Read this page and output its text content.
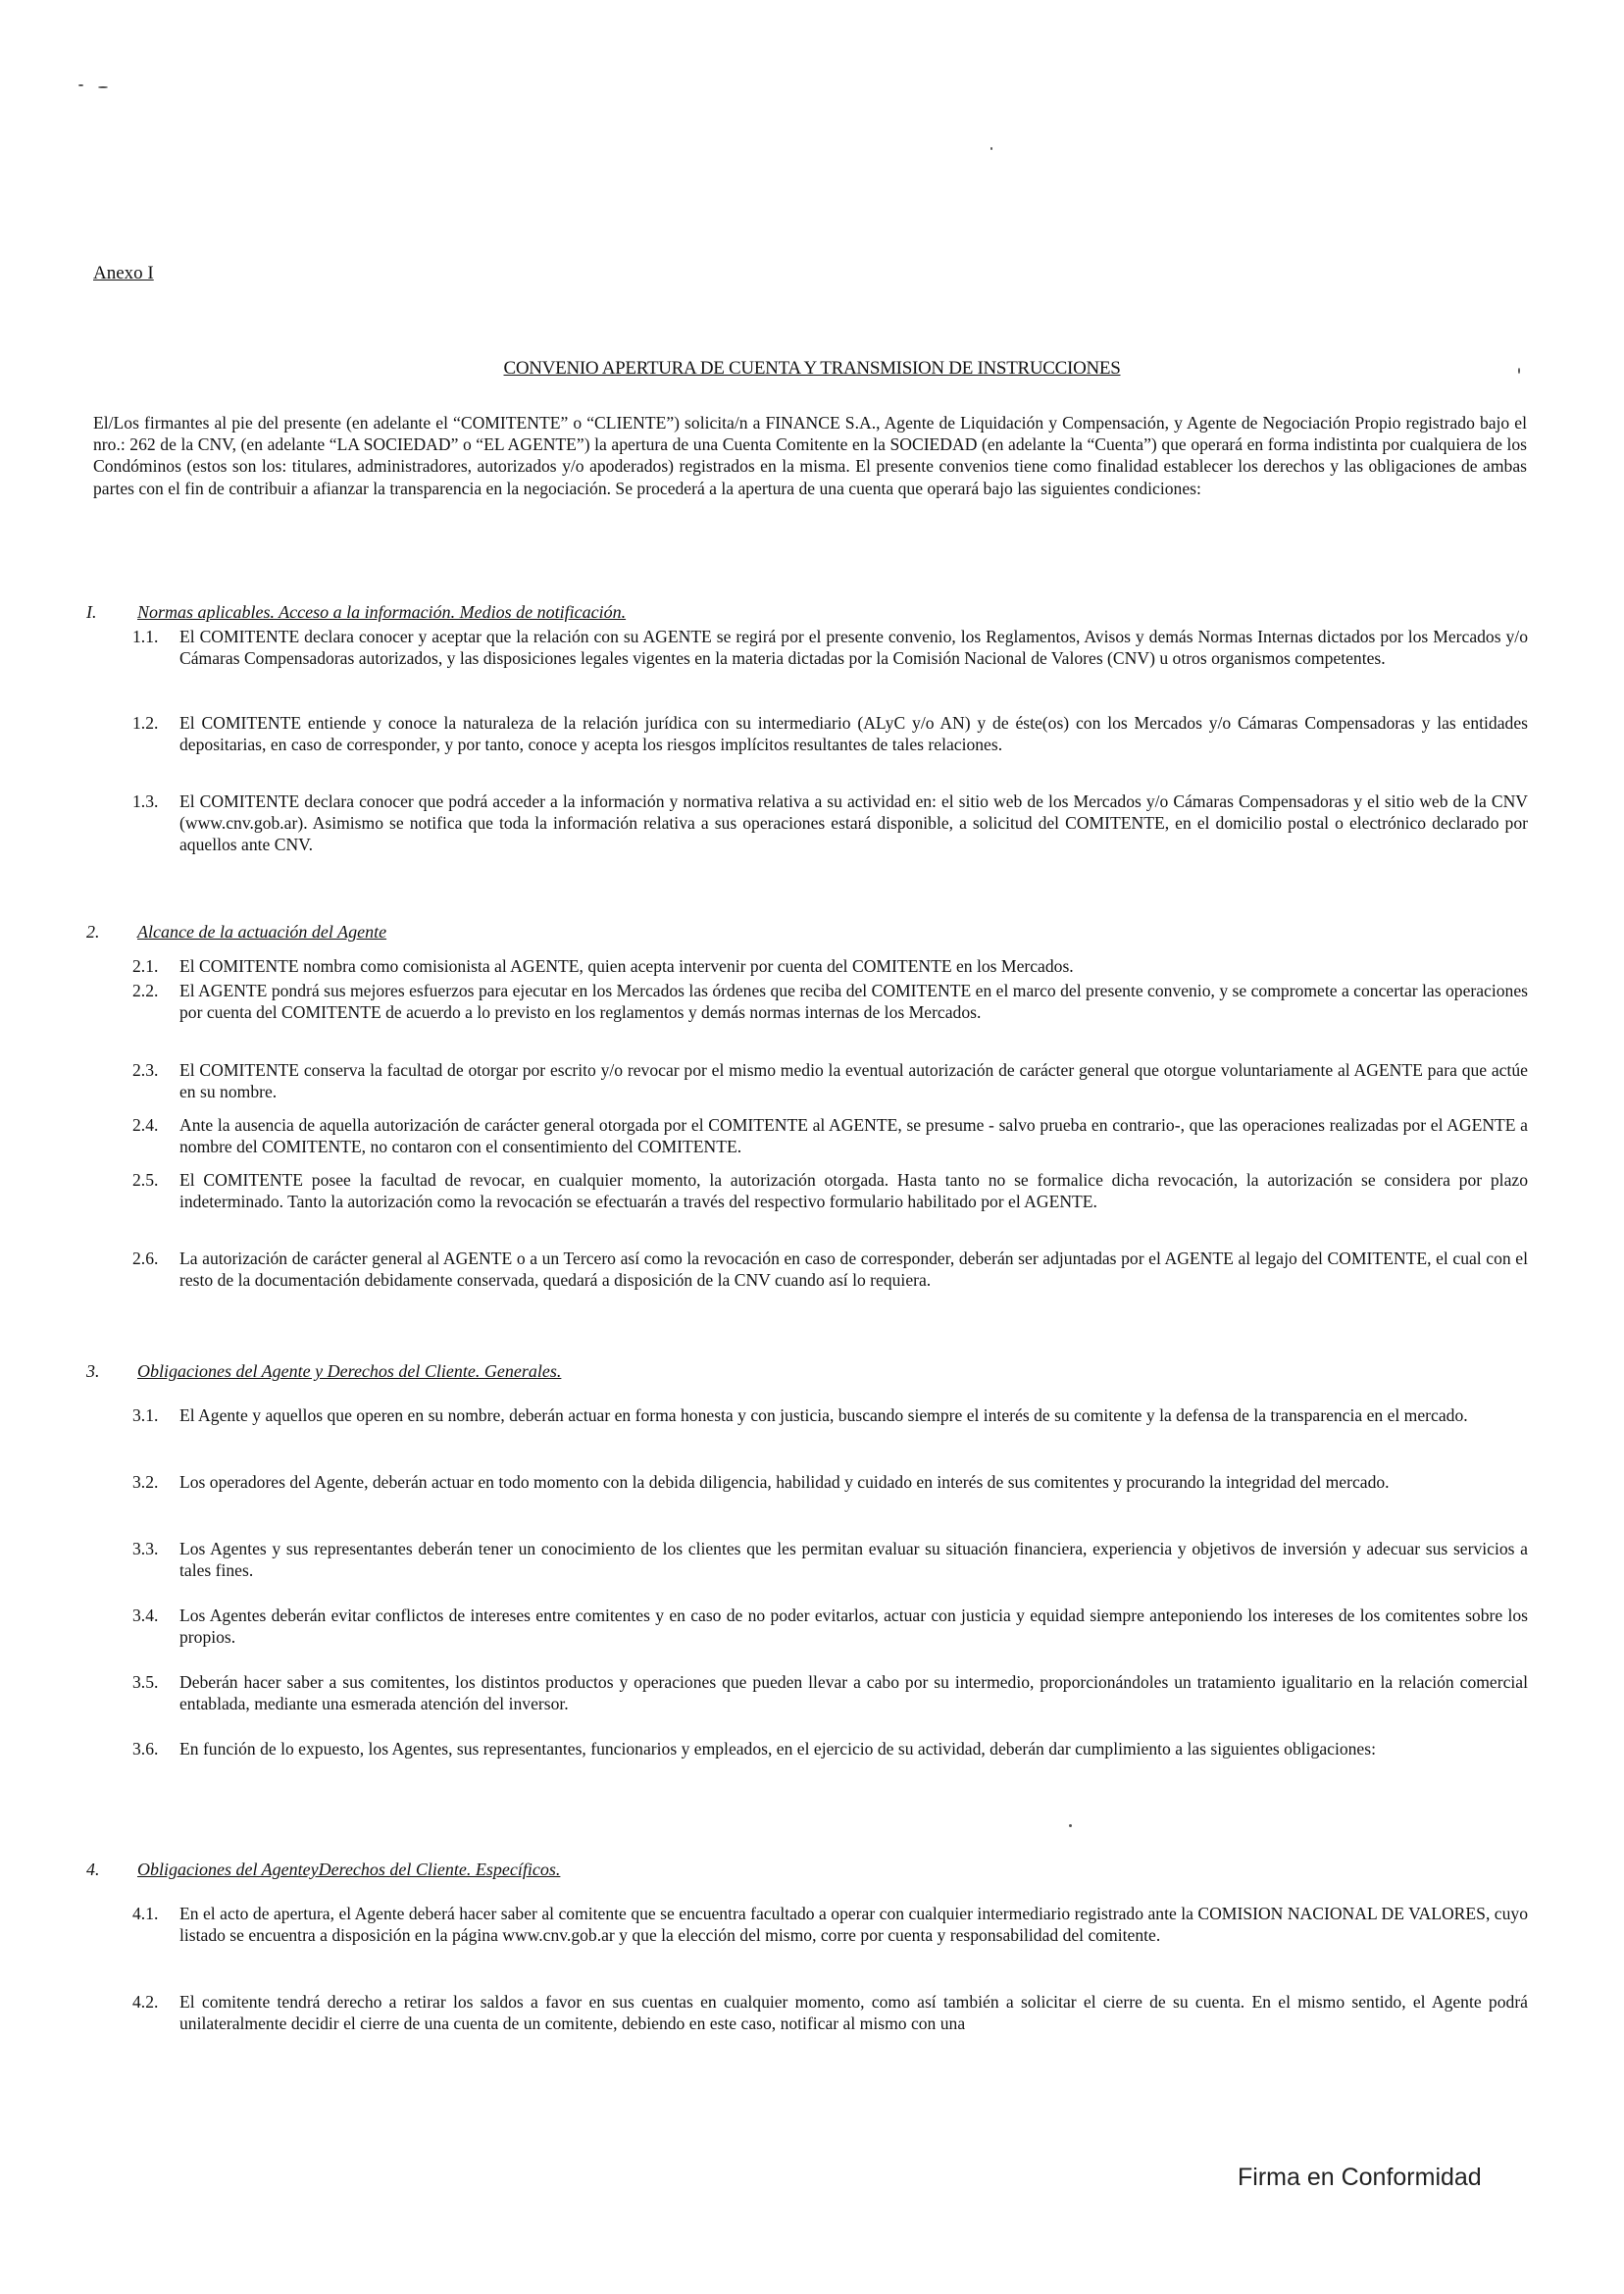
Anexo I
CONVENIO APERTURA DE CUENTA Y TRANSMISION DE INSTRUCCIONES
El/Los firmantes al pie del presente (en adelante el “COMITENTE” o “CLIENTE”) solicita/n a FINANCE S.A., Agente de Liquidación y Compensación, y Agente de Negociación Propio registrado bajo el nro.: 262 de la CNV, (en adelante “LA SOCIEDAD” o “EL AGENTE”) la apertura de una Cuenta Comitente en la SOCIEDAD (en adelante la “Cuenta”) que operará en forma indistinta por cualquiera de los Condóminos (estos son los: titulares, administradores, autorizados y/o apoderados) registrados en la misma. El presente convenios tiene como finalidad establecer los derechos y las obligaciones de ambas partes con el fin de contribuir a afianzar la transparencia en la negociación. Se procederá a la apertura de una cuenta que operará bajo las siguientes condiciones:
I. Normas aplicables. Acceso a la información. Medios de notificación.
1.1. El COMITENTE declara conocer y aceptar que la relación con su AGENTE se regirá por el presente convenio, los Reglamentos, Avisos y demás Normas Internas dictados por los Mercados y/o Cámaras Compensadoras autorizados, y las disposiciones legales vigentes en la materia dictadas por la Comisión Nacional de Valores (CNV) u otros organismos competentes.
1.2. El COMITENTE entiende y conoce la naturaleza de la relación jurídica con su intermediario (ALyC y/o AN) y de éste(os) con los Mercados y/o Cámaras Compensadoras y las entidades depositarias, en caso de corresponder, y por tanto, conoce y acepta los riesgos implícitos resultantes de tales relaciones.
1.3. El COMITENTE declara conocer que podrá acceder a la información y normativa relativa a su actividad en: el sitio web de los Mercados y/o Cámaras Compensadoras y el sitio web de la CNV (www.cnv.gob.ar). Asimismo se notifica que toda la información relativa a sus operaciones estará disponible, a solicitud del COMITENTE, en el domicilio postal o electrónico declarado por aquellos ante CNV.
2. Alcance de la actuación del Agente
2.1. El COMITENTE nombra como comisionista al AGENTE, quien acepta intervenir por cuenta del COMITENTE en los Mercados.
2.2. El AGENTE pondrá sus mejores esfuerzos para ejecutar en los Mercados las órdenes que reciba del COMITENTE en el marco del presente convenio, y se compromete a concertar las operaciones por cuenta del COMITENTE de acuerdo a lo previsto en los reglamentos y demás normas internas de los Mercados.
2.3. El COMITENTE conserva la facultad de otorgar por escrito y/o revocar por el mismo medio la eventual autorización de carácter general que otorgue voluntariamente al AGENTE para que actúe en su nombre.
2.4. Ante la ausencia de aquella autorización de carácter general otorgada por el COMITENTE al AGENTE, se presume - salvo prueba en contrario-, que las operaciones realizadas por el AGENTE a nombre del COMITENTE, no contaron con el consentimiento del COMITENTE.
2.5. El COMITENTE posee la facultad de revocar, en cualquier momento, la autorización otorgada. Hasta tanto no se formalice dicha revocación, la autorización se considera por plazo indeterminado. Tanto la autorización como la revocación se efectuarán a través del respectivo formulario habilitado por el AGENTE.
2.6. La autorización de carácter general al AGENTE o a un Tercero así como la revocación en caso de corresponder, deberán ser adjuntadas por el AGENTE al legajo del COMITENTE, el cual con el resto de la documentación debidamente conservada, quedará a disposición de la CNV cuando así lo requiera.
3. Obligaciones del Agente y Derechos del Cliente. Generales.
3.1. El Agente y aquellos que operen en su nombre, deberán actuar en forma honesta y con justicia, buscando siempre el interés de su comitente y la defensa de la transparencia en el mercado.
3.2. Los operadores del Agente, deberán actuar en todo momento con la debida diligencia, habilidad y cuidado en interés de sus comitentes y procurando la integridad del mercado.
3.3. Los Agentes y sus representantes deberán tener un conocimiento de los clientes que les permitan evaluar su situación financiera, experiencia y objetivos de inversión y adecuar sus servicios a tales fines.
3.4. Los Agentes deberán evitar conflictos de intereses entre comitentes y en caso de no poder evitarlos, actuar con justicia y equidad siempre anteponiendo los intereses de los comitentes sobre los propios.
3.5. Deberán hacer saber a sus comitentes, los distintos productos y operaciones que pueden llevar a cabo por su intermedio, proporcionándoles un tratamiento igualitario en la relación comercial entablada, mediante una esmerada atención del inversor.
3.6. En función de lo expuesto, los Agentes, sus representantes, funcionarios y empleados, en el ejercicio de su actividad, deberán dar cumplimiento a las siguientes obligaciones:
4. Obligaciones del AgenteyDerechos del Cliente. Específicos.
4.1. En el acto de apertura, el Agente deberá hacer saber al comitente que se encuentra facultado a operar con cualquier intermediario registrado ante la COMISION NACIONAL DE VALORES, cuyo listado se encuentra a disposición en la página www.cnv.gob.ar y que la elección del mismo, corre por cuenta y responsabilidad del comitente.
4.2. El comitente tendrá derecho a retirar los saldos a favor en sus cuentas en cualquier momento, como así también a solicitar el cierre de su cuenta. En el mismo sentido, el Agente podrá unilateralmente decidir el cierre de una cuenta de un comitente, debiendo en este caso, notificar al mismo con una
Firma en Conformidad
